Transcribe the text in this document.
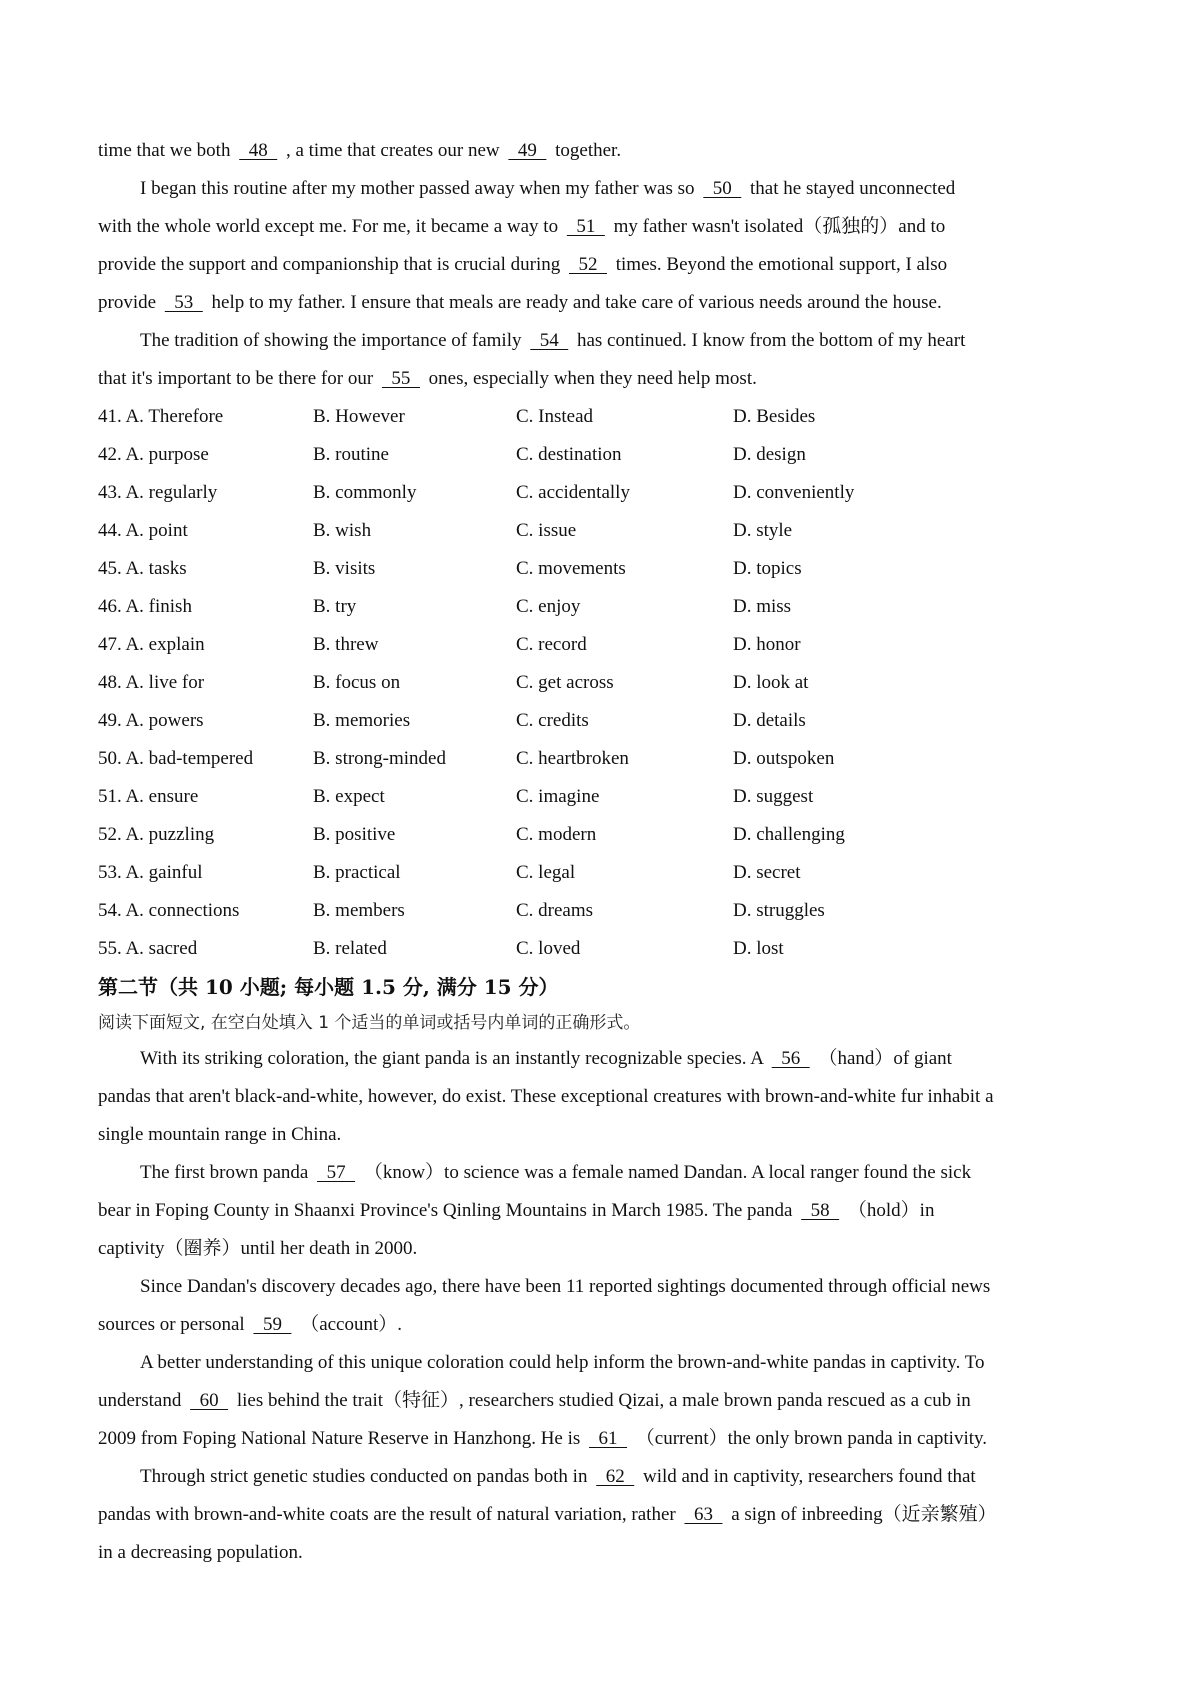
time that we both   48   , a time that creates our new   49   together.
I began this routine after my mother passed away when my father was so   50   that he stayed unconnected
with the whole world except me. For me, it became a way to   51   my father wasn't isolated（孤独的）and to
provide the support and companionship that is crucial during   52   times. Beyond the emotional support, I also
provide   53   help to my father. I ensure that meals are ready and take care of various needs around the house.
The tradition of showing the importance of family   54   has continued. I know from the bottom of my heart
that it's important to be there for our   55   ones, especially when they need help most.
41. A. Therefore	B. However	C. Instead	D. Besides
42. A. purpose	B. routine	C. destination	D. design
43. A. regularly	B. commonly	C. accidentally	D. conveniently
44. A. point	B. wish	C. issue	D. style
45. A. tasks	B. visits	C. movements	D. topics
46. A. finish	B. try	C. enjoy	D. miss
47. A. explain	B. threw	C. record	D. honor
48. A. live for	B. focus on	C. get across	D. look at
49. A. powers	B. memories	C. credits	D. details
50. A. bad-tempered	B. strong-minded	C. heartbroken	D. outspoken
51. A. ensure	B. expect	C. imagine	D. suggest
52. A. puzzling	B. positive	C. modern	D. challenging
53. A. gainful	B. practical	C. legal	D. secret
54. A. connections	B. members	C. dreams	D. struggles
55. A. sacred	B. related	C. loved	D. lost
第二节（共 10 小题; 每小题 1.5 分, 满分 15 分）
阅读下面短文, 在空白处填入 1 个适当的单词或括号内单词的正确形式。
With its striking coloration, the giant panda is an instantly recognizable species. A   56   （hand）of giant
pandas that aren't black-and-white, however, do exist. These exceptional creatures with brown-and-white fur inhabit a
single mountain range in China.
The first brown panda   57   （know）to science was a female named Dandan. A local ranger found the sick
bear in Foping County in Shaanxi Province's Qinling Mountains in March 1985. The panda   58   （hold）in
captivity（圈养）until her death in 2000.
Since Dandan's discovery decades ago, there have been 11 reported sightings documented through official news
sources or personal   59   （account）.
A better understanding of this unique coloration could help inform the brown-and-white pandas in captivity. To
understand   60   lies behind the trait（特征）, researchers studied Qizai, a male brown panda rescued as a cub in
2009 from Foping National Nature Reserve in Hanzhong. He is   61   （current）the only brown panda in captivity.
Through strict genetic studies conducted on pandas both in   62   wild and in captivity, researchers found that
pandas with brown-and-white coats are the result of natural variation, rather   63   a sign of inbreeding（近亲繁殖）
in a decreasing population.
